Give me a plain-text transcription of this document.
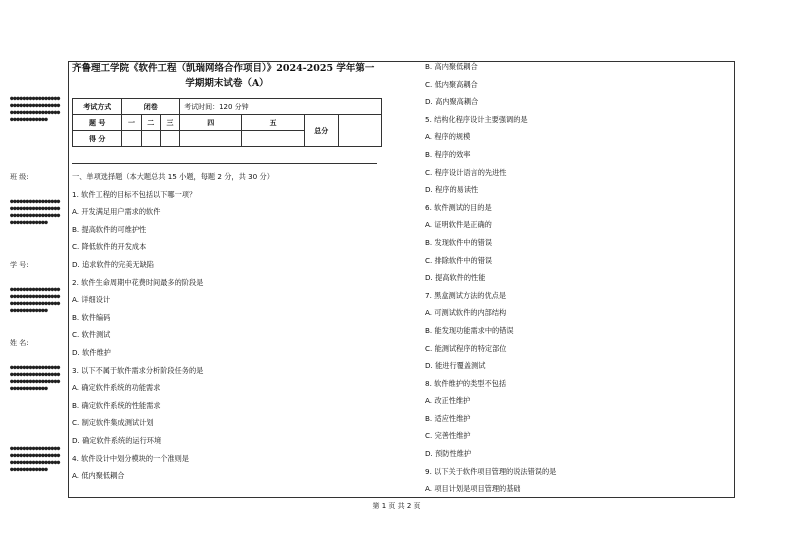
●●●●●●●●●●●●●●●●●●●●●●●●●●●●●●●●●●●●●●●●●●●●●●●●●●●●●●●●●●●●
班 级:
●●●●●●●●●●●●●●●●●●●●●●●●●●●●●●●●●●●●●●●●●●●●●●●●●●●●●●●●●●●●
学 号:
●●●●●●●●●●●●●●●●●●●●●●●●●●●●●●●●●●●●●●●●●●●●●●●●●●●●●●●●●●●●
姓 名:
●●●●●●●●●●●●●●●●●●●●●●●●●●●●●●●●●●●●●●●●●●●●●●●●●●●●●●●●●●●●
●●●●●●●●●●●●●●●●●●●●●●●●●●●●●●●●●●●●●●●●●●●●●●●●●●●●●●●●●●●●
齐鲁理工学院《软件工程（凯瑞网络合作项目）》2024-2025 学年第一
学期期末试卷（A）
考试方式	闭卷			考试时间：120 分钟			
题 号	一	二	三	四	五	总分	
得 分							
一、单项选择题（本大题总共 15 小题，每题 2 分，共 30 分）
1. 软件工程的目标不包括以下哪一项？
A. 开发满足用户需求的软件
B. 提高软件的可维护性
C. 降低软件的开发成本
D. 追求软件的完美无缺陷
2. 软件生命周期中花费时间最多的阶段是
A. 详细设计
B. 软件编码
C. 软件测试
D. 软件维护
3. 以下不属于软件需求分析阶段任务的是
A. 确定软件系统的功能需求
B. 确定软件系统的性能需求
C. 制定软件集成测试计划
D. 确定软件系统的运行环境
4. 软件设计中划分模块的一个准则是
A. 低内聚低耦合
B. 高内聚低耦合
C. 低内聚高耦合
D. 高内聚高耦合
5. 结构化程序设计主要强调的是
A. 程序的规模
B. 程序的效率
C. 程序设计语言的先进性
D. 程序的易读性
6. 软件测试的目的是
A. 证明软件是正确的
B. 发现软件中的错误
C. 排除软件中的错误
D. 提高软件的性能
7. 黑盒测试方法的优点是
A. 可测试软件的内部结构
B. 能发现功能需求中的错误
C. 能测试程序的特定部位
D. 能进行覆盖测试
8. 软件维护的类型不包括
A. 改正性维护
B. 适应性维护
C. 完善性维护
D. 预防性维护
9. 以下关于软件项目管理的说法错误的是
A. 项目计划是项目管理的基础
第 1 页 共 2 页
